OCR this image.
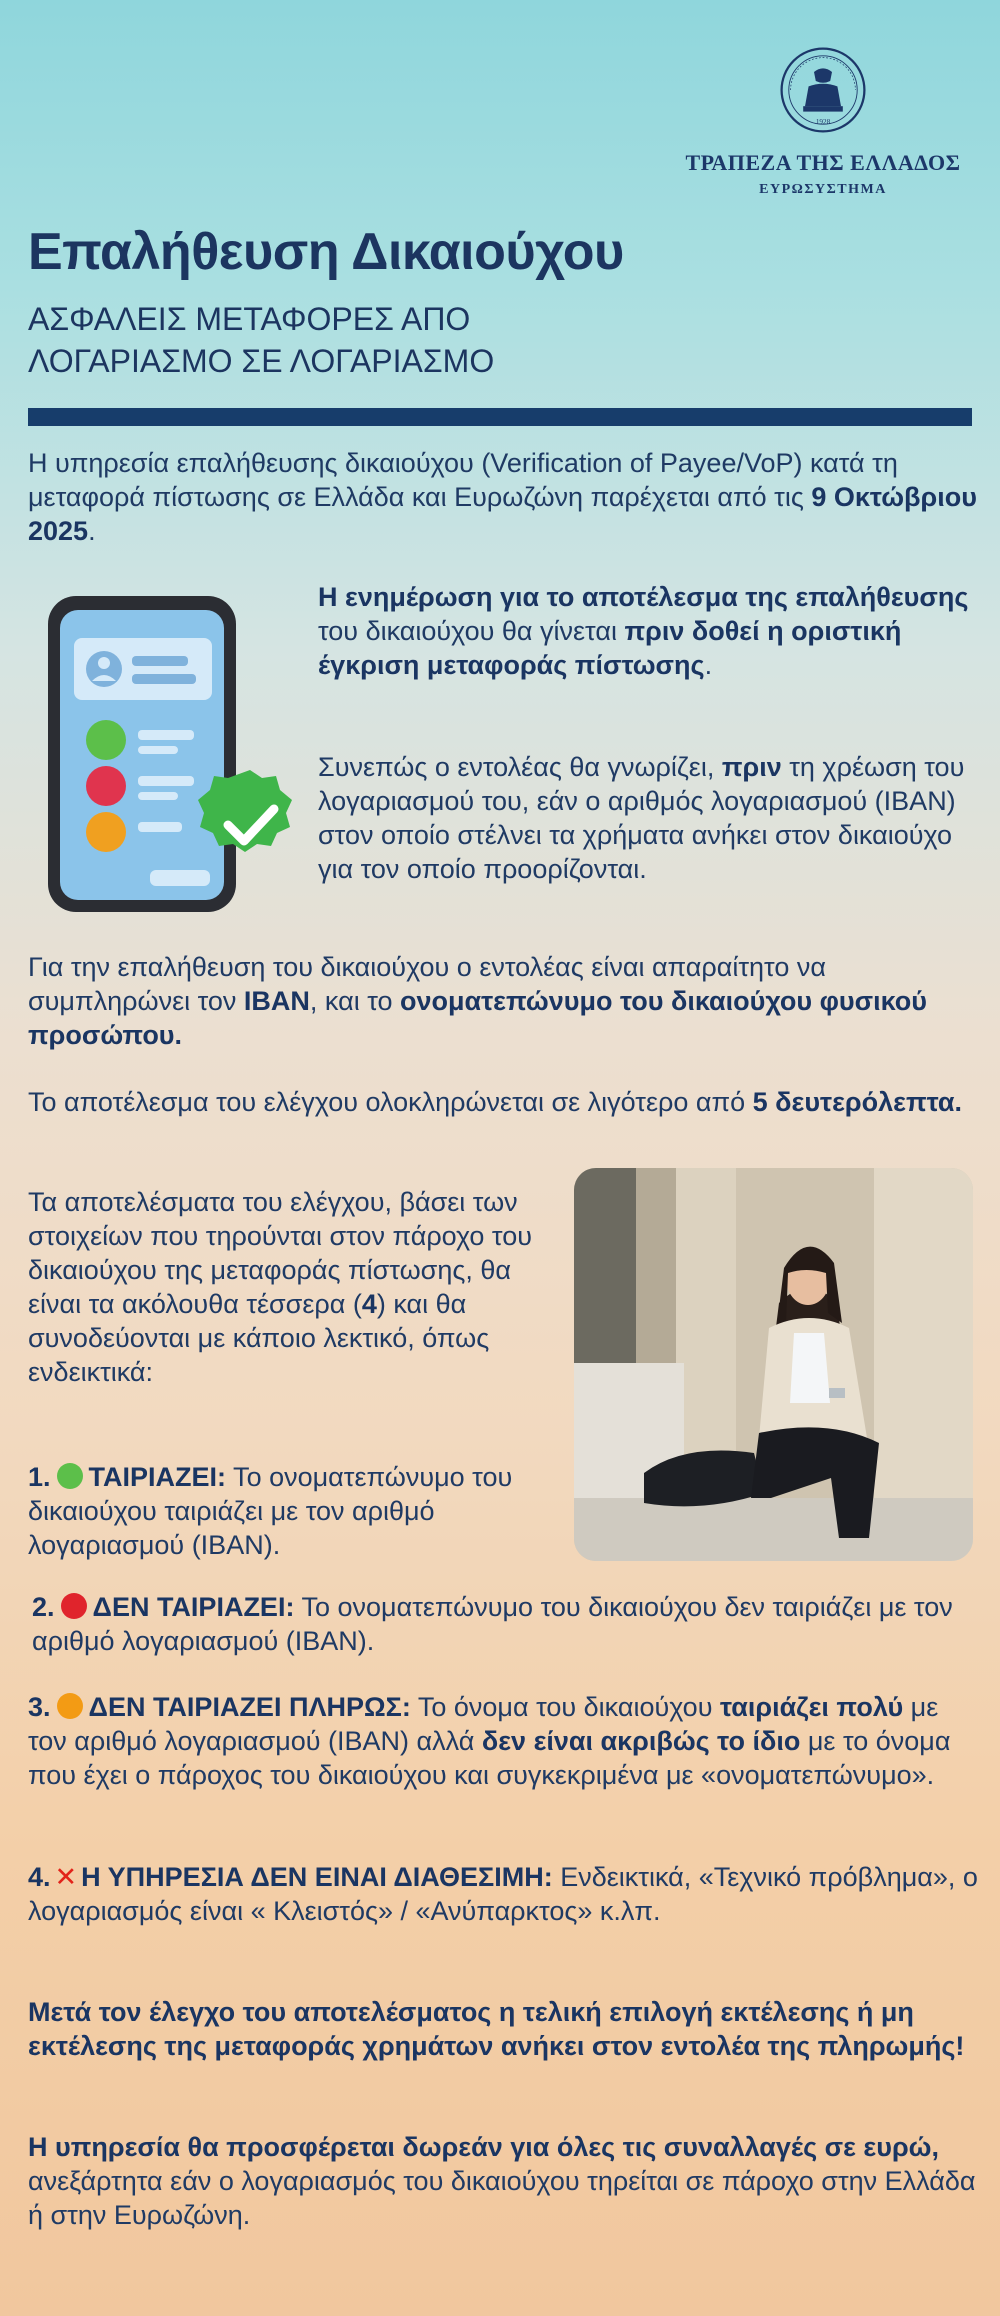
1928
ΤΡΑΠΕΖΑ ΤΗΣ ΕΛΛΑΔΟΣ
ΕΥΡΩΣΥΣΤΗΜΑ
Επαλήθευση Δικαιούχου
ΑΣΦΑΛΕΙΣ ΜΕΤΑΦΟΡΕΣ ΑΠΟ
ΛΟΓΑΡΙΑΣΜΟ ΣΕ ΛΟΓΑΡΙΑΣΜΟ
Η υπηρεσία επαλήθευσης δικαιούχου (Verification of Payee/VoP) κατά τη μεταφορά πίστωσης σε Ελλάδα και Ευρωζώνη παρέχεται από τις 9 Οκτώβριου 2025.
Η ενημέρωση για το αποτέλεσμα της επαλήθευσης του δικαιούχου θα γίνεται πριν δοθεί η οριστική έγκριση μεταφοράς πίστωσης.
Συνεπώς ο εντολέας θα γνωρίζει, πριν τη χρέωση του λογαριασμού του, εάν ο αριθμός λογαριασμού (IBAN) στον οποίο στέλνει τα χρήματα ανήκει στον δικαιούχο για τον οποίο προορίζονται.
Για την επαλήθευση του δικαιούχου ο εντολέας είναι απαραίτητο να συμπληρώνει τον IBAN, και το ονοματεπώνυμο του δικαιούχου φυσικού προσώπου.
Το αποτέλεσμα του ελέγχου ολοκληρώνεται σε λιγότερο από 5 δευτερόλεπτα.
Τα αποτελέσματα του ελέγχου, βάσει των στοιχείων που τηρούνται στον πάροχο του δικαιούχου της μεταφοράς πίστωσης, θα είναι τα ακόλουθα τέσσερα (4) και θα συνοδεύονται με κάποιο λεκτικό, όπως ενδεικτικά:
1. ΤΑΙΡΙΑΖΕΙ: Το ονοματεπώνυμο του δικαιούχου ταιριάζει με τον αριθμό λογαριασμού (IBAN).
2. ΔΕΝ ΤΑΙΡΙΑΖΕΙ: Το ονοματεπώνυμο του δικαιούχου δεν ταιριάζει με τον αριθμό λογαριασμού (IBAN).
3. ΔΕΝ ΤΑΙΡΙΑΖΕΙ ΠΛΗΡΩΣ: Το όνομα του δικαιούχου ταιριάζει πολύ με τον αριθμό λογαριασμού (IBAN) αλλά δεν είναι ακριβώς το ίδιο με το όνομα που έχει ο πάροχος του δικαιούχου και συγκεκριμένα με «ονοματεπώνυμο».
4. ✕ Η ΥΠΗΡΕΣΙΑ ΔΕΝ ΕΙΝΑΙ ΔΙΑΘΕΣΙΜΗ: Ενδεικτικά, «Τεχνικό πρόβλημα», ο λογαριασμός είναι « Κλειστός» / «Ανύπαρκτος» κ.λπ.
Μετά τον έλεγχο του αποτελέσματος η τελική επιλογή εκτέλεσης ή μη εκτέλεσης της μεταφοράς χρημάτων ανήκει στον εντολέα της πληρωμής!
Η υπηρεσία θα προσφέρεται δωρεάν για όλες τις συναλλαγές σε ευρώ, ανεξάρτητα εάν ο λογαριασμός του δικαιούχου τηρείται σε πάροχο στην Ελλάδα ή στην Ευρωζώνη.
